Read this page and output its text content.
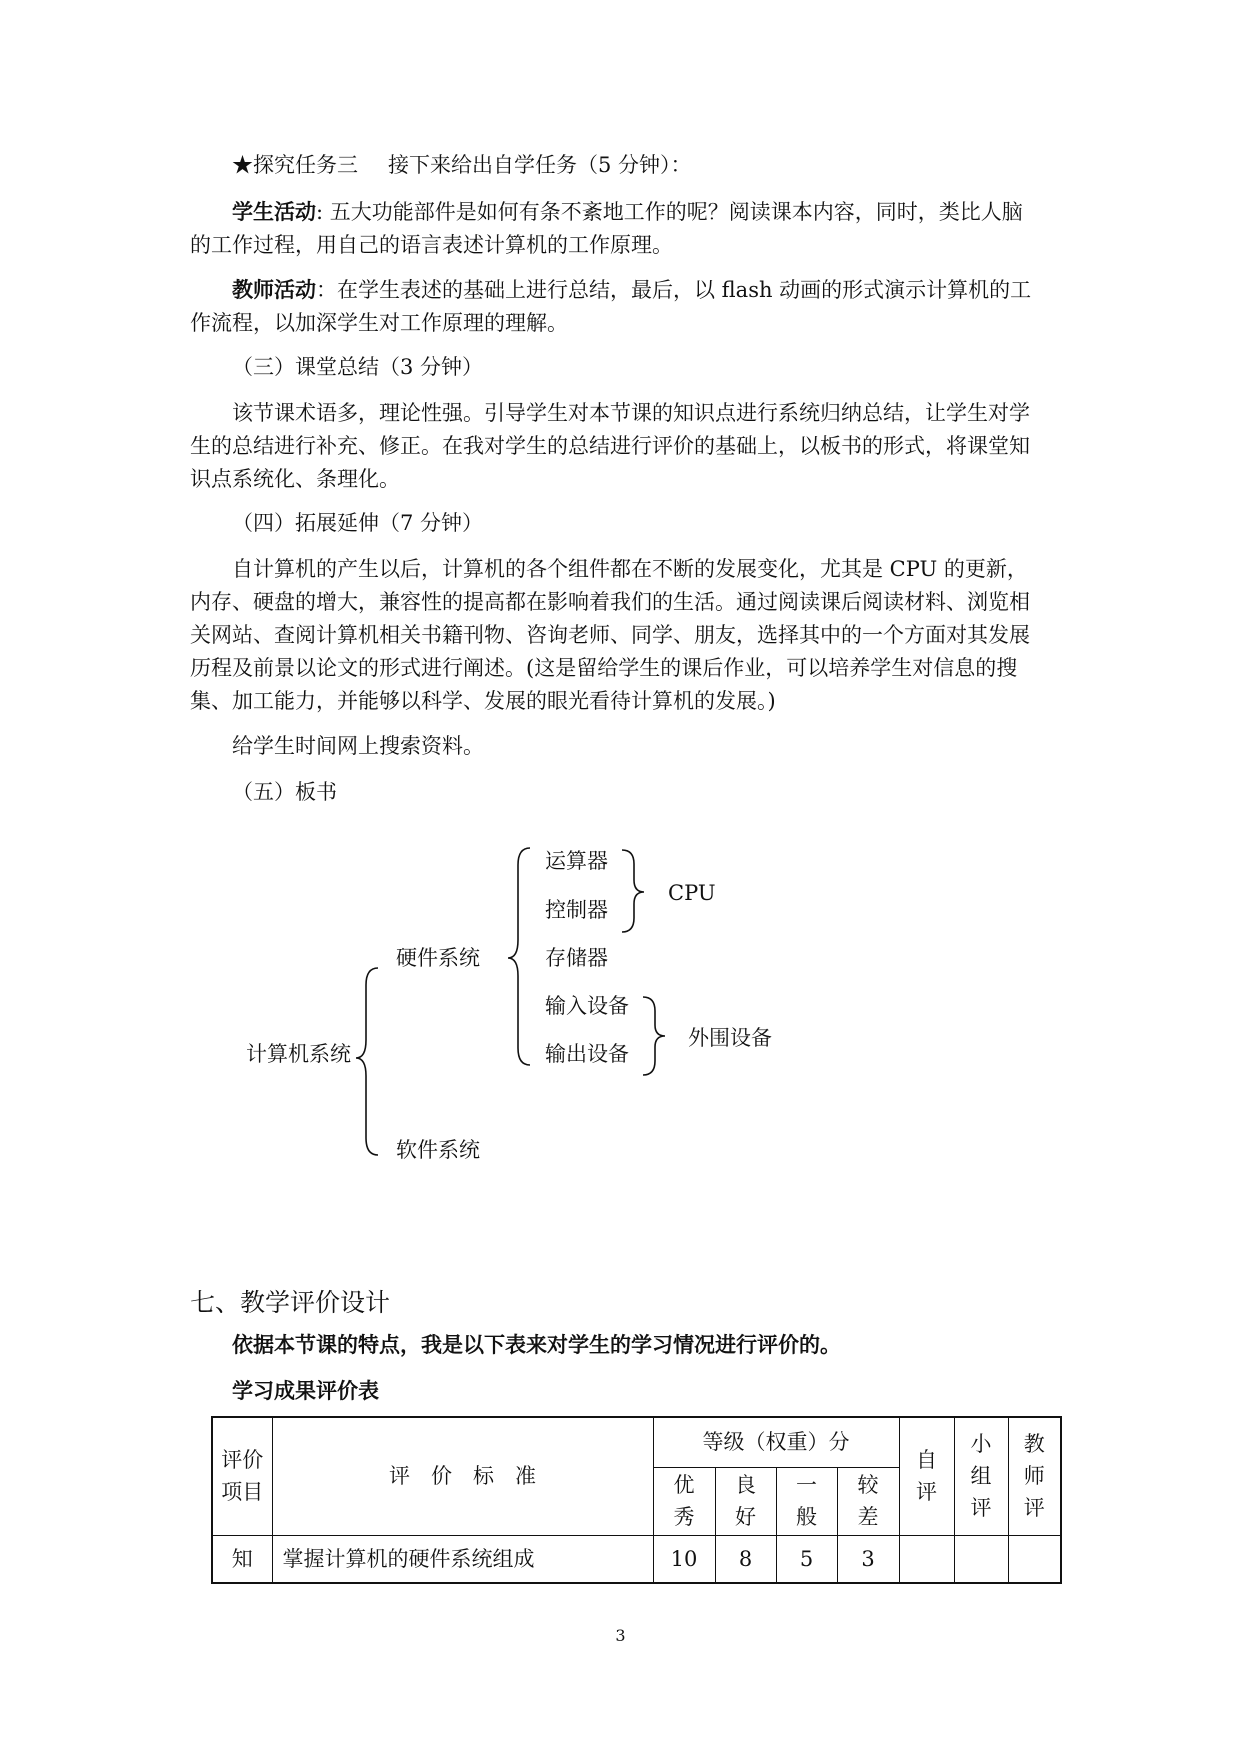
★探究任务三 接下来给出自学任务（5 分钟）：
学生活动: 五大功能部件是如何有条不紊地工作的呢？阅读课本内容，同时，类比人脑
的工作过程，用自己的语言表述计算机的工作原理。
教师活动：在学生表述的基础上进行总结，最后，以 flash 动画的形式演示计算机的工
作流程，以加深学生对工作原理的理解。
（三）课堂总结（3 分钟）
该节课术语多，理论性强。引导学生对本节课的知识点进行系统归纳总结，让学生对学
生的总结进行补充、修正。在我对学生的总结进行评价的基础上，以板书的形式，将课堂知
识点系统化、条理化。
（四）拓展延伸（7 分钟）
自计算机的产生以后，计算机的各个组件都在不断的发展变化，尤其是 CPU 的更新，
内存、硬盘的增大，兼容性的提高都在影响着我们的生活。通过阅读课后阅读材料、浏览相
关网站、查阅计算机相关书籍刊物、咨询老师、同学、朋友，选择其中的一个方面对其发展
历程及前景以论文的形式进行阐述。(这是留给学生的课后作业，可以培养学生对信息的搜
集、加工能力，并能够以科学、发展的眼光看待计算机的发展。)
给学生时间网上搜索资料。
（五）板书
计算机系统
硬件系统
软件系统
运算器
控制器
CPU
存储器
输入设备
输出设备
外围设备
七、教学评价设计
依据本节课的特点，我是以下表来对学生的学习情况进行评价的。
学习成果评价表
评价项目	评　价　标　准	等级（权重）分				自评	小组评	教师评
		优秀	良好	一般	较差			
知	掌握计算机的硬件系统组成	10	8	5	3			
3
